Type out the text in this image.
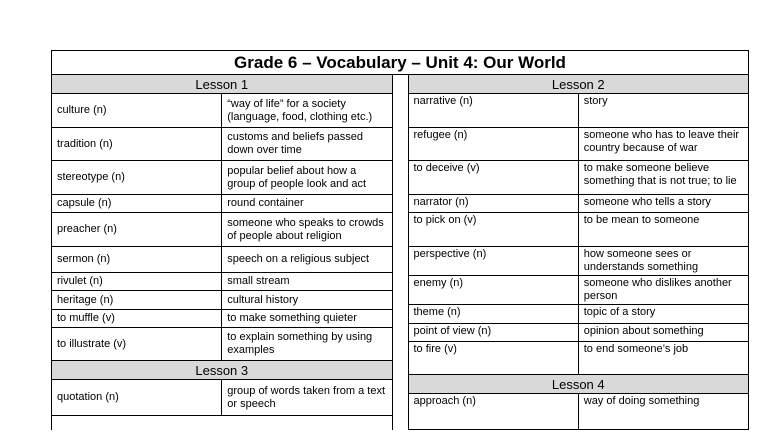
Grade 6 – Vocabulary – Unit 4: Our World
Lesson 1	
culture (n)	“way of life” for a society (language, food, clothing etc.)
tradition (n)	customs and beliefs passed down over time
stereotype (n)	popular belief about how a group of people look and act
capsule (n)	round container
preacher (n)	someone who speaks to crowds of people about religion
sermon (n)	speech on a religious subject
rivulet (n)	small stream
heritage (n)	cultural history
to muffle (v)	to make something quieter
to illustrate (v)	to explain something by using examples
Lesson 3	
quotation (n)	group of words taken from a text or speech
Lesson 2	
narrative (n)	story
refugee (n)	someone who has to leave their country because of war
to deceive (v)	to make someone believe something that is not true; to lie
narrator (n)	someone who tells a story
to pick on (v)	to be mean to someone
perspective (n)	how someone sees or understands something
enemy (n)	someone who dislikes another person
theme (n)	topic of a story
point of view (n)	opinion about something
to fire (v)	to end someone’s job
Lesson 4	
approach (n)	way of doing something
